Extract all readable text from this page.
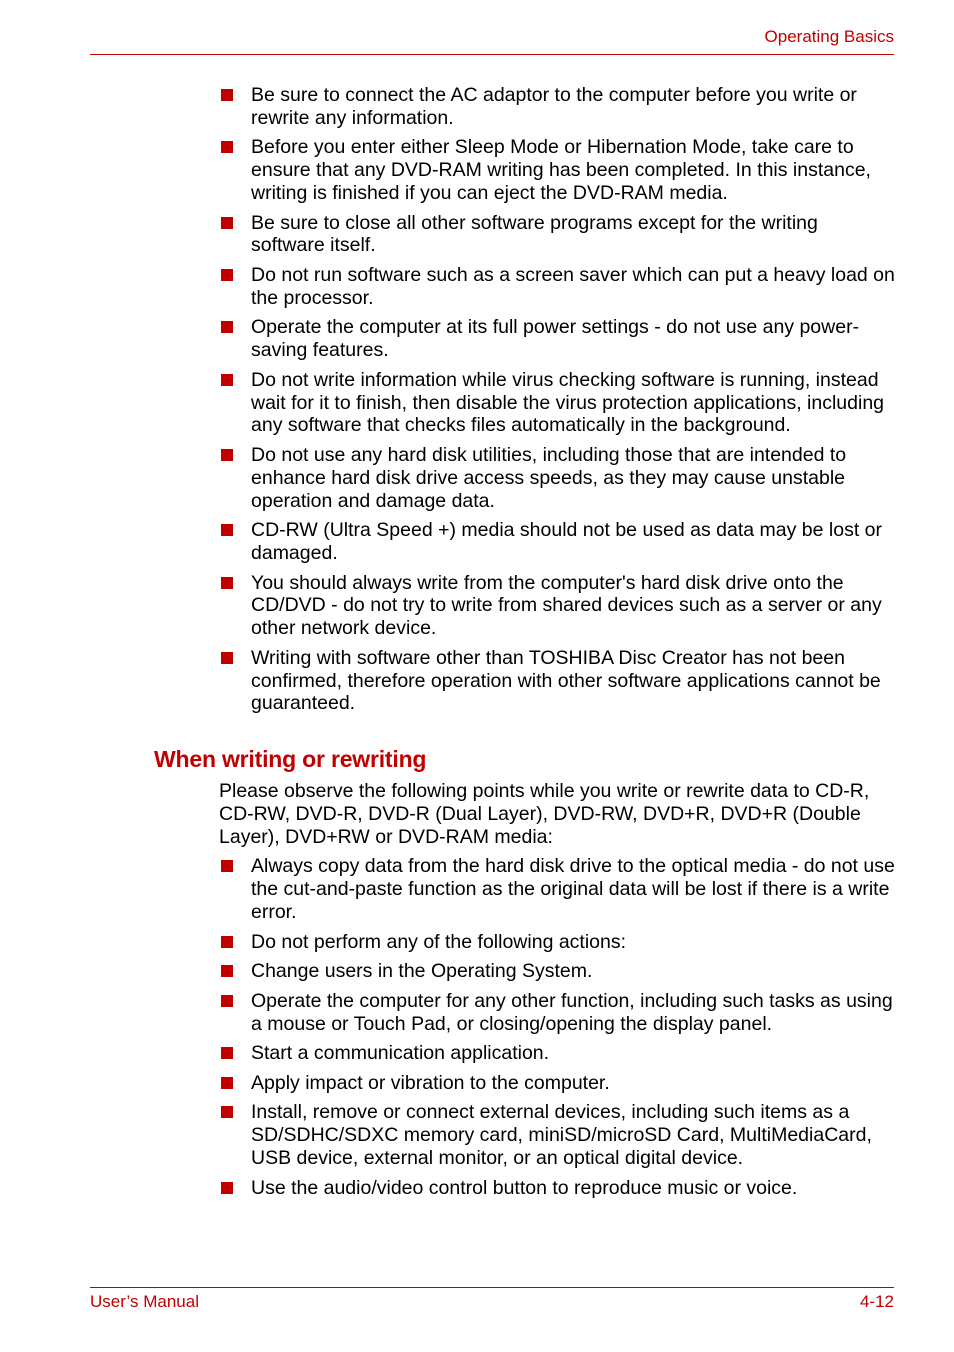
Operating Basics
Be sure to connect the AC adaptor to the computer before you write or rewrite any information.
Before you enter either Sleep Mode or Hibernation Mode, take care to ensure that any DVD-RAM writing has been completed. In this instance, writing is finished if you can eject the DVD-RAM media.
Be sure to close all other software programs except for the writing software itself.
Do not run software such as a screen saver which can put a heavy load on the processor.
Operate the computer at its full power settings - do not use any power-saving features.
Do not write information while virus checking software is running, instead wait for it to finish, then disable the virus protection applications, including any software that checks files automatically in the background.
Do not use any hard disk utilities, including those that are intended to enhance hard disk drive access speeds, as they may cause unstable operation and damage data.
CD-RW (Ultra Speed +) media should not be used as data may be lost or damaged.
You should always write from the computer's hard disk drive onto the CD/DVD - do not try to write from shared devices such as a server or any other network device.
Writing with software other than TOSHIBA Disc Creator has not been confirmed, therefore operation with other software applications cannot be guaranteed.
When writing or rewriting

Please observe the following points while you write or rewrite data to CD-R, CD-RW, DVD-R, DVD-R (Dual Layer), DVD-RW, DVD+R, DVD+R (Double Layer), DVD+RW or DVD-RAM media:

Always copy data from the hard disk drive to the optical media - do not use the cut-and-paste function as the original data will be lost if there is a write error.
Do not perform any of the following actions:
Change users in the Operating System.
Operate the computer for any other function, including such tasks as using a mouse or Touch Pad, or closing/opening the display panel.
Start a communication application.
Apply impact or vibration to the computer.
Install, remove or connect external devices, including such items as a SD/SDHC/SDXC memory card, miniSD/microSD Card, MultiMediaCard, USB device, external monitor, or an optical digital device.
Use the audio/video control button to reproduce music or voice.
User’s Manual	4-12
